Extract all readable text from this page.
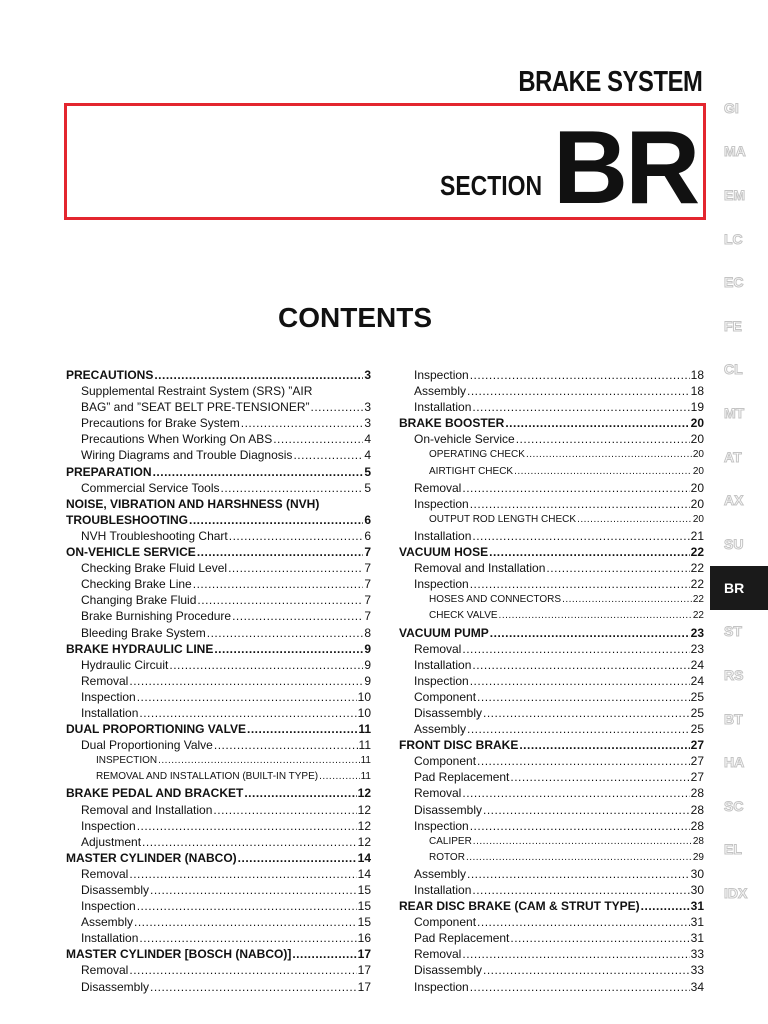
BRAKE SYSTEM
SECTION BR
CONTENTS
GI
MA
EM
LC
EC
FE
CL
MT
AT
AX
SU
BR
ST
RS
BT
HA
SC
EL
IDX
PRECAUTIONS .....	3
Supplemental Restraint System (SRS) ”AIR
BAG” and ”SEAT BELT PRE-TENSIONER” .....	3
Precautions for Brake System .....	3
Precautions When Working On ABS .....	4
Wiring Diagrams and Trouble Diagnosis .....	4
PREPARATION .....	5
Commercial Service Tools .....	5
NOISE, VIBRATION AND HARSHNESS (NVH)
TROUBLESHOOTING .....	6
NVH Troubleshooting Chart .....	6
ON-VEHICLE SERVICE .....	7
Checking Brake Fluid Level .....	7
Checking Brake Line .....	7
Changing Brake Fluid .....	7
Brake Burnishing Procedure .....	7
Bleeding Brake System .....	8
BRAKE HYDRAULIC LINE .....	9
Hydraulic Circuit .....	9
Removal .....	9
Inspection .....	10
Installation .....	10
DUAL PROPORTIONING VALVE .....	11
Dual Proportioning Valve .....	11
INSPECTION .....	11
REMOVAL AND INSTALLATION (BUILT-IN TYPE) .....	11
BRAKE PEDAL AND BRACKET .....	12
Removal and Installation .....	12
Inspection .....	12
Adjustment .....	12
MASTER CYLINDER (NABCO) .....	14
Removal .....	14
Disassembly .....	15
Inspection .....	15
Assembly .....	15
Installation .....	16
MASTER CYLINDER [BOSCH (NABCO)] .....	17
Removal .....	17
Disassembly .....	17
Inspection .....	18
Assembly .....	18
Installation .....	19
BRAKE BOOSTER .....	20
On-vehicle Service .....	20
OPERATING CHECK .....	20
AIRTIGHT CHECK .....	20
Removal .....	20
Inspection .....	20
OUTPUT ROD LENGTH CHECK .....	20
Installation .....	21
VACUUM HOSE .....	22
Removal and Installation .....	22
Inspection .....	22
HOSES AND CONNECTORS .....	22
CHECK VALVE .....	22
VACUUM PUMP .....	23
Removal .....	23
Installation .....	24
Inspection .....	24
Component .....	25
Disassembly .....	25
Assembly .....	25
FRONT DISC BRAKE .....	27
Component .....	27
Pad Replacement .....	27
Removal .....	28
Disassembly .....	28
Inspection .....	28
CALIPER .....	28
ROTOR .....	29
Assembly .....	30
Installation .....	30
REAR DISC BRAKE (CAM & STRUT TYPE) .....	31
Component .....	31
Pad Replacement .....	31
Removal .....	33
Disassembly .....	33
Inspection .....	34
